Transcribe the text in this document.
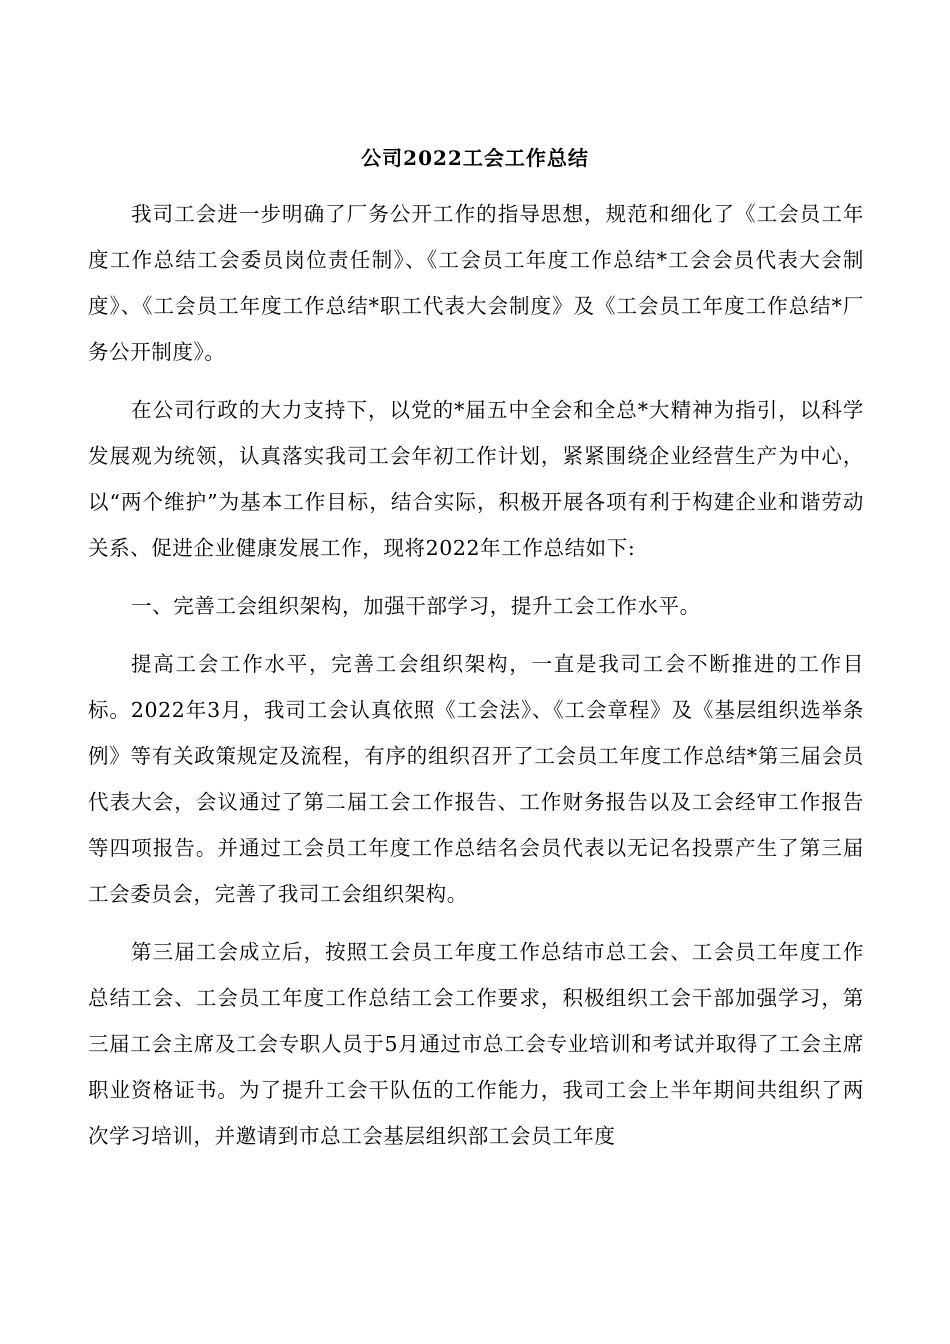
公司2022工会工作总结

我司工会进一步明确了厂务公开工作的指导思想，规范和细化了《工会员工年度工作总结工会委员岗位责任制》、《工会员工年度工作总结*工会会员代表大会制度》、《工会员工年度工作总结*职工代表大会制度》及《工会员工年度工作总结*厂务公开制度》。

在公司行政的大力支持下，以党的*届五中全会和全总*大精神为指引，以科学发展观为统领，认真落实我司工会年初工作计划，紧紧围绕企业经营生产为中心，以“两个维护”为基本工作目标，结合实际，积极开展各项有利于构建企业和谐劳动关系、促进企业健康发展工作，现将2022年工作总结如下:

一、完善工会组织架构，加强干部学习，提升工会工作水平。

提高工会工作水平，完善工会组织架构，一直是我司工会不断推进的工作目标。2022年3月，我司工会认真依照《工会法》、《工会章程》及《基层组织选举条例》等有关政策规定及流程，有序的组织召开了工会员工年度工作总结*第三届会员代表大会，会议通过了第二届工会工作报告、工作财务报告以及工会经审工作报告等四项报告。并通过工会员工年度工作总结名会员代表以无记名投票产生了第三届工会委员会，完善了我司工会组织架构。

第三届工会成立后，按照工会员工年度工作总结市总工会、工会员工年度工作总结工会、工会员工年度工作总结工会工作要求，积极组织工会干部加强学习，第三届工会主席及工会专职人员于5月通过市总工会专业培训和考试并取得了工会主席职业资格证书。为了提升工会干队伍的工作能力，我司工会上半年期间共组织了两次学习培训，并邀请到市总工会基层组织部工会员工年度
